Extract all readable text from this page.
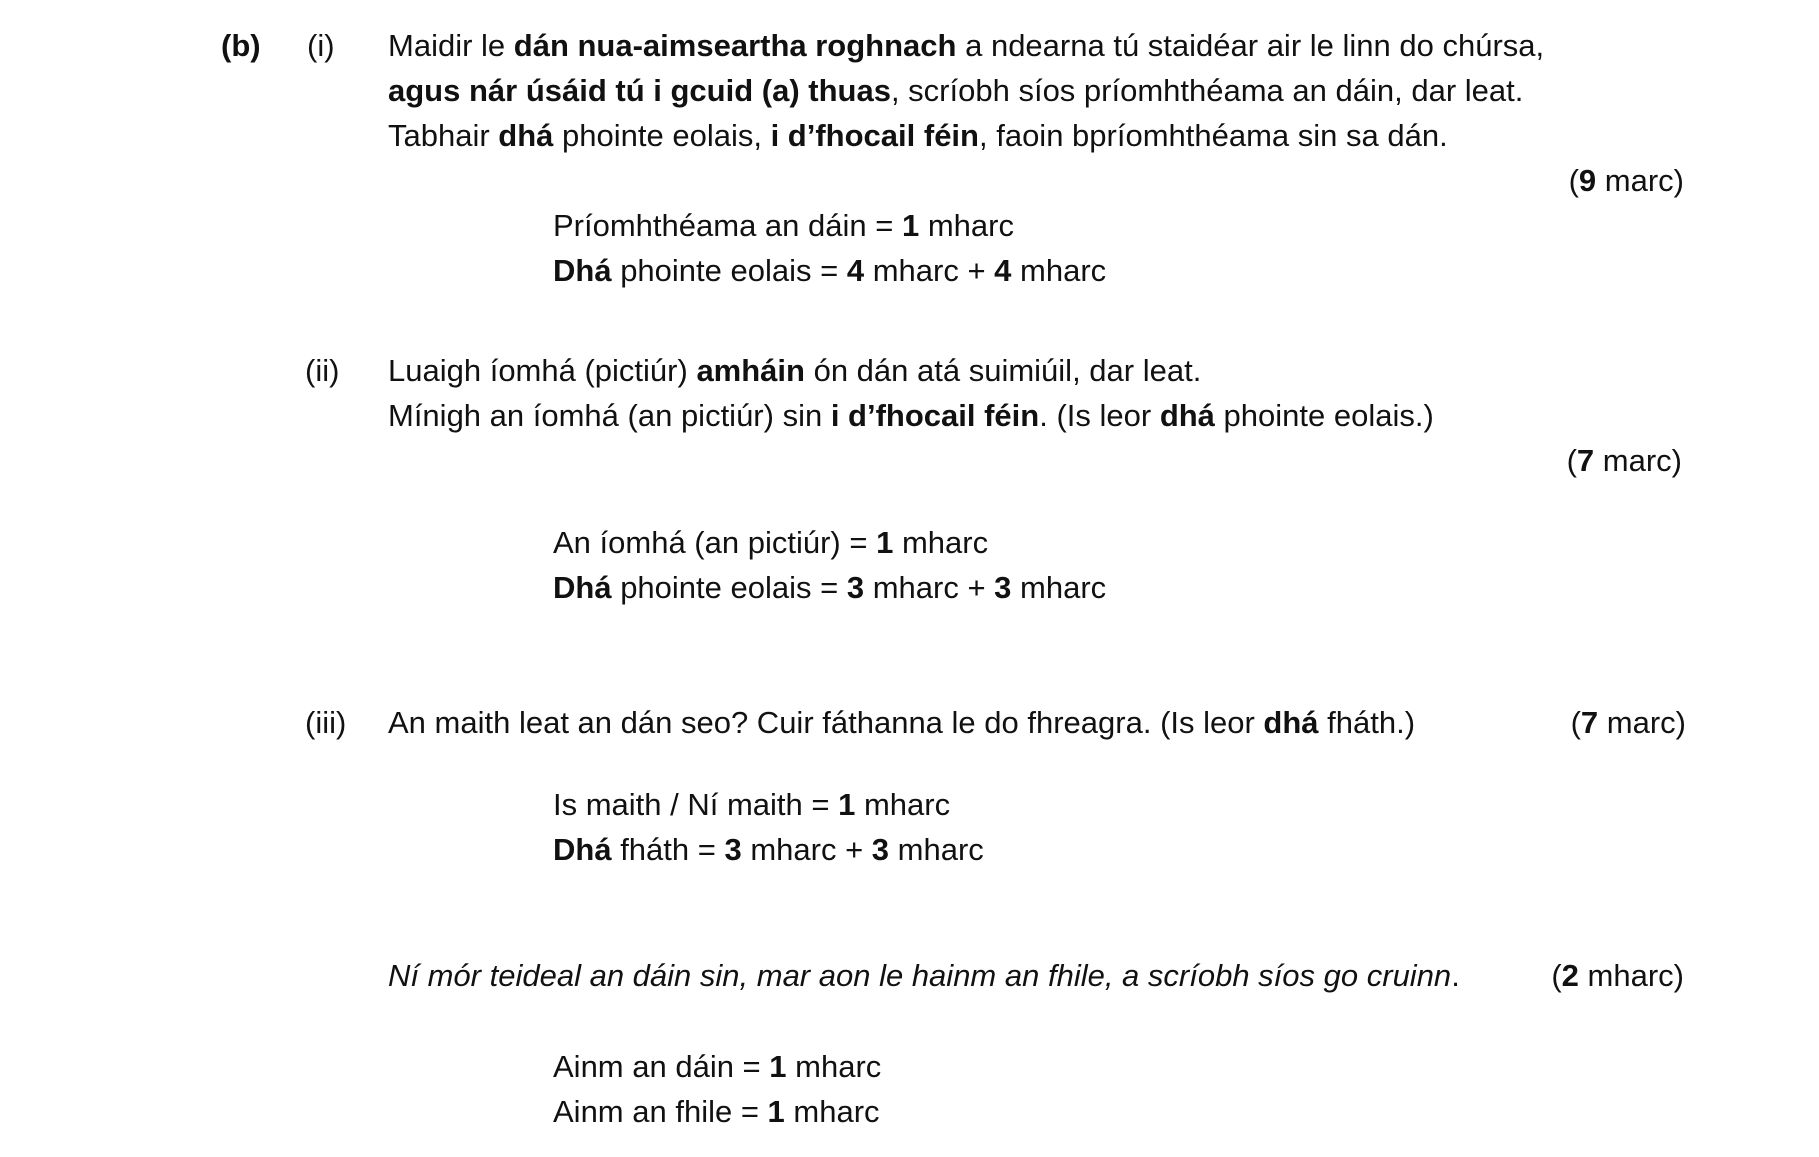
(b) (i) Maidir le dán nua-aimseartha roghnach a ndearna tú staidéar air le linn do chúrsa,
agus nár úsáid tú i gcuid (a) thuas, scríobh síos príomhthéama an dáin, dar leat.
Tabhair dhá phointe eolais, i d’fhocail féin, faoin bpríomhthéama sin sa dán.
(9 marc)
Príomhthéama an dáin = 1 mharc
Dhá phointe eolais = 4 mharc + 4 mharc
(ii) Luaigh íomhá (pictiúr) amháin ón dán atá suimiúil, dar leat.
Mínigh an íomhá (an pictiúr) sin i d’fhocail féin. (Is leor dhá phointe eolais.)
(7 marc)
An íomhá (an pictiúr) = 1 mharc
Dhá phointe eolais = 3 mharc + 3 mharc
(iii) An maith leat an dán seo? Cuir fáthanna le do fhreagra. (Is leor dhá fháth.)	(7 marc)
Is maith / Ní maith = 1 mharc
Dhá fháth = 3 mharc + 3 mharc
Ní mór teideal an dáin sin, mar aon le hainm an fhile, a scríobh síos go cruinn.	(2 mharc)
Ainm an dáin = 1 mharc
Ainm an fhile = 1 mharc
